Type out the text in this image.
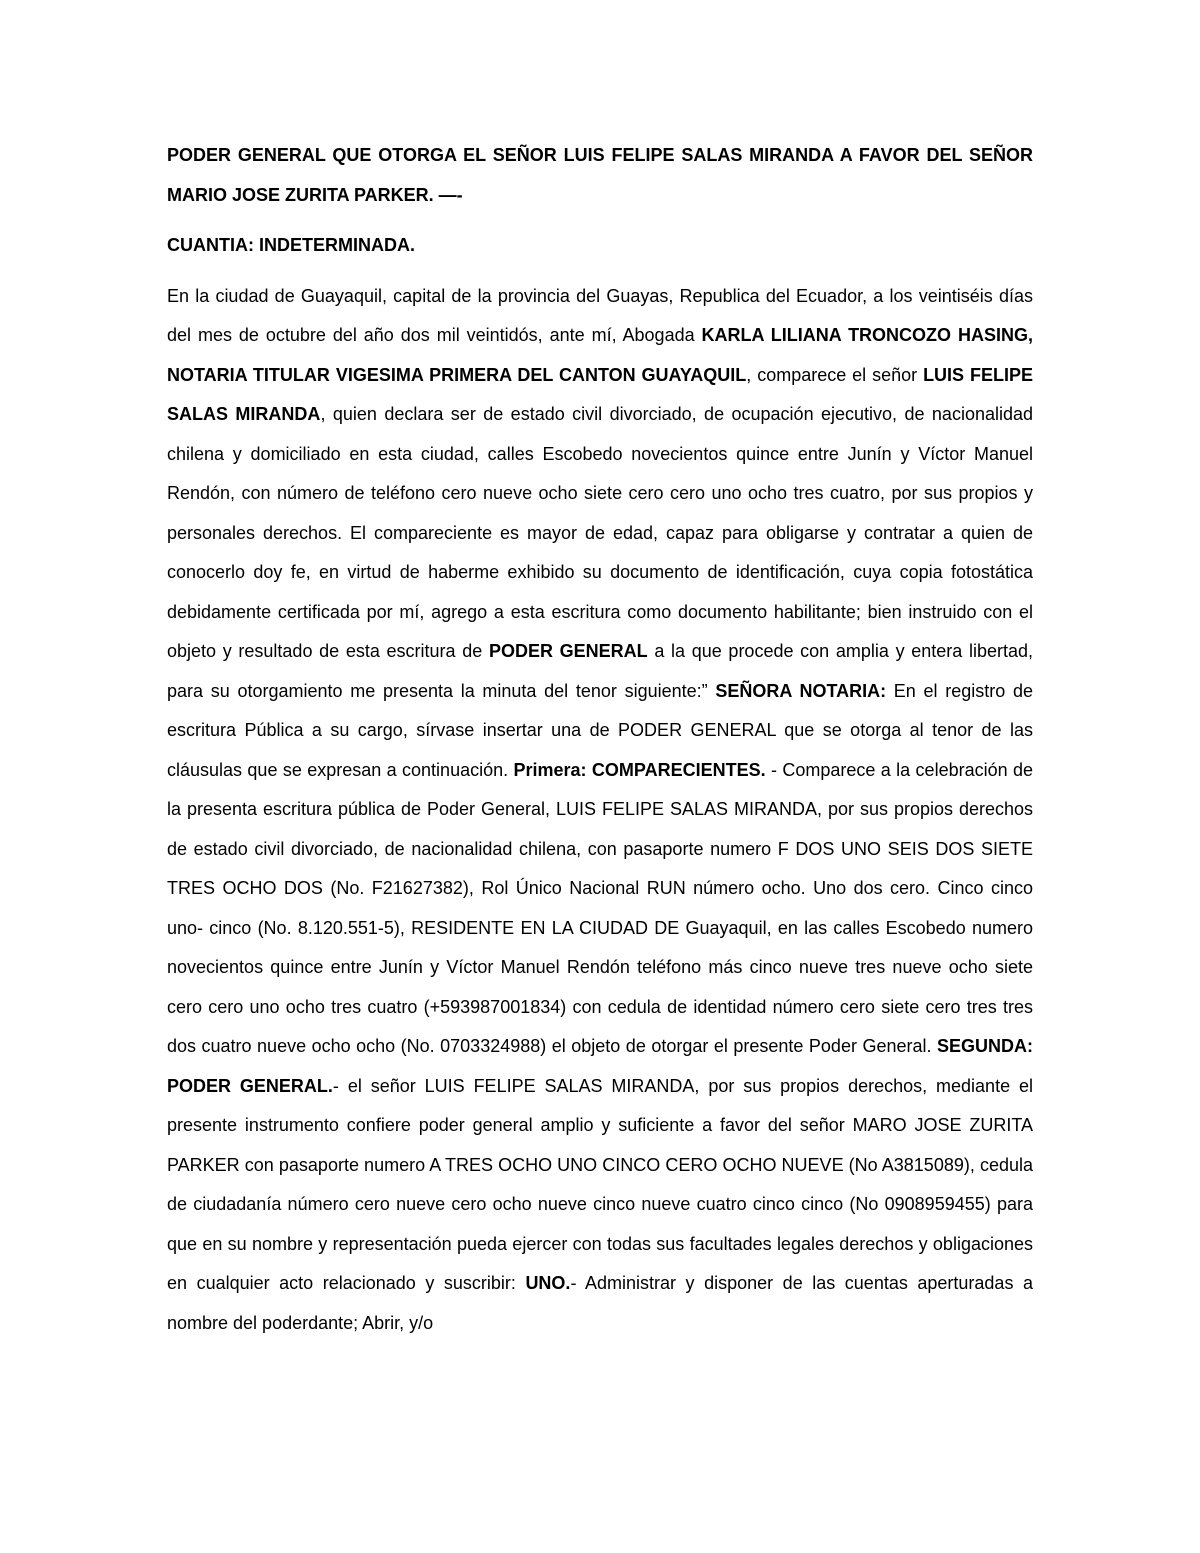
PODER GENERAL QUE OTORGA EL SEÑOR LUIS FELIPE SALAS MIRANDA A FAVOR DEL SEÑOR MARIO JOSE ZURITA PARKER. —-

CUANTIA: INDETERMINADA.

En la ciudad de Guayaquil, capital de la provincia del Guayas, Republica del Ecuador, a los veintiséis días del mes de octubre del año dos mil veintidós, ante mí, Abogada KARLA LILIANA TRONCOZO HASING, NOTARIA TITULAR VIGESIMA PRIMERA DEL CANTON GUAYAQUIL, comparece el señor LUIS FELIPE SALAS MIRANDA, quien declara ser de estado civil divorciado, de ocupación ejecutivo, de nacionalidad chilena y domiciliado en esta ciudad, calles Escobedo novecientos quince entre Junín y Víctor Manuel Rendón, con número de teléfono cero nueve ocho siete cero cero uno ocho tres cuatro, por sus propios y personales derechos. El compareciente es mayor de edad, capaz para obligarse y contratar a quien de conocerlo doy fe, en virtud de haberme exhibido su documento de identificación, cuya copia fotostática debidamente certificada por mí, agrego a esta escritura como documento habilitante; bien instruido con el objeto y resultado de esta escritura de PODER GENERAL a la que procede con amplia y entera libertad, para su otorgamiento me presenta la minuta del tenor siguiente:” SEÑORA NOTARIA: En el registro de escritura Pública a su cargo, sírvase insertar una de PODER GENERAL que se otorga al tenor de las cláusulas que se expresan a continuación. Primera: COMPARECIENTES. - Comparece a la celebración de la presenta escritura pública de Poder General, LUIS FELIPE SALAS MIRANDA, por sus propios derechos de estado civil divorciado, de nacionalidad chilena, con pasaporte numero F DOS UNO SEIS DOS SIETE TRES OCHO DOS (No. F21627382), Rol Único Nacional RUN número ocho. Uno dos cero. Cinco cinco uno- cinco (No. 8.120.551-5), RESIDENTE EN LA CIUDAD DE Guayaquil, en las calles Escobedo numero novecientos quince entre Junín y Víctor Manuel Rendón teléfono más cinco nueve tres nueve ocho siete cero cero uno ocho tres cuatro (+593987001834) con cedula de identidad número cero siete cero tres tres dos cuatro nueve ocho ocho (No. 0703324988) el objeto de otorgar el presente Poder General. SEGUNDA: PODER GENERAL.- el señor LUIS FELIPE SALAS MIRANDA, por sus propios derechos, mediante el presente instrumento confiere poder general amplio y suficiente a favor del señor MARO JOSE ZURITA PARKER con pasaporte numero A TRES OCHO UNO CINCO CERO OCHO NUEVE (No A3815089), cedula de ciudadanía número cero nueve cero ocho nueve cinco nueve cuatro cinco cinco (No 0908959455) para que en su nombre y representación pueda ejercer con todas sus facultades legales derechos y obligaciones en cualquier acto relacionado y suscribir: UNO.- Administrar y disponer de las cuentas aperturadas a nombre del poderdante; Abrir, y/o
